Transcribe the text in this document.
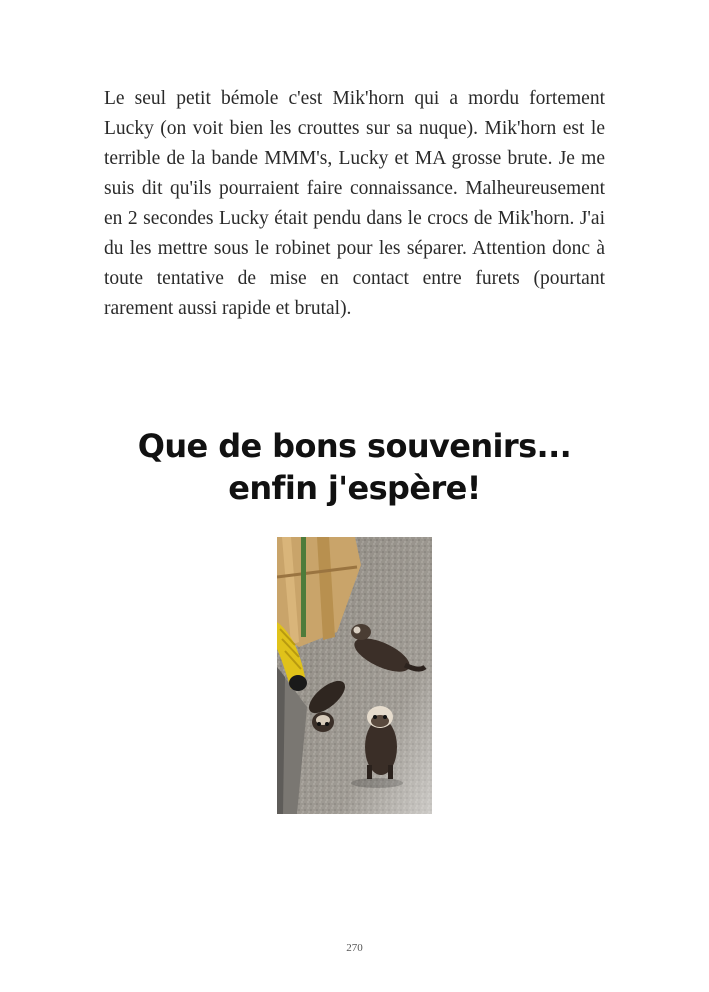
Le seul petit bémole c'est Mik'horn qui a mordu fortement Lucky (on voit bien les crouttes sur sa nuque). Mik'horn est le terrible de la bande MMM's, Lucky et MA grosse brute. Je me suis dit qu'ils pourraient faire connaissance. Malheureusement en 2 secondes Lucky était pendu dans le crocs de Mik'horn. J'ai du les mettre sous le robinet pour les séparer. Attention donc à toute tentative de mise en contact entre furets (pourtant rarement aussi rapide et brutal).

Que de bons souvenirs... enfin j'espère!
270
